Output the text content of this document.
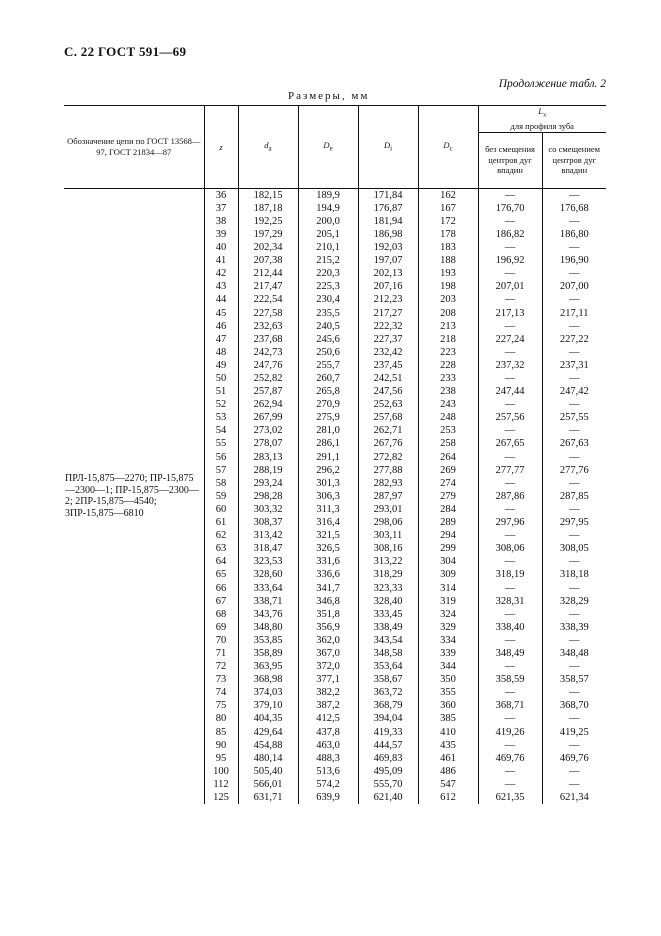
С. 22 ГОСТ 591—69
Продолжение табл. 2
Размеры, мм
Обозначение цепи по ГОСТ 13568—97, ГОСТ 21834—87	z	$d_a$	$D_e$	$D_i$	$D_c$	$L_x$
для профиля зуба	
						без смещения центров дуг впадин	со смещением центров дуг впадин
ПРЛ-15,875—2270; ПР-15,875—2300—1; ПР-15,875—2300—2; 2ПР-15,875—4540; 3ПР-15,875—6810	36	182,15	189,9	171,84	162	—	—
	37	187,18	194,9	176,87	167	176,70	176,68
	38	192,25	200,0	181,94	172	—	—
	39	197,29	205,1	186,98	178	186,82	186,80
	40	202,34	210,1	192,03	183	—	—
	41	207,38	215,2	197,07	188	196,92	196,90
	42	212,44	220,3	202,13	193	—	—
	43	217,47	225,3	207,16	198	207,01	207,00
	44	222,54	230,4	212,23	203	—	—
	45	227,58	235,5	217,27	208	217,13	217,11
	46	232,63	240,5	222,32	213	—	—
	47	237,68	245,6	227,37	218	227,24	227,22
	48	242,73	250,6	232,42	223	—	—
	49	247,76	255,7	237,45	228	237,32	237,31
	50	252,82	260,7	242,51	233	—	—
	51	257,87	265,8	247,56	238	247,44	247,42
	52	262,94	270,9	252,63	243	—	—
	53	267,99	275,9	257,68	248	257,56	257,55
	54	273,02	281,0	262,71	253	—	—
	55	278,07	286,1	267,76	258	267,65	267,63
	56	283,13	291,1	272,82	264	—	—
	57	288,19	296,2	277,88	269	277,77	277,76
	58	293,24	301,3	282,93	274	—	—
	59	298,28	306,3	287,97	279	287,86	287,85
	60	303,32	311,3	293,01	284	—	—
	61	308,37	316,4	298,06	289	297,96	297,95
	62	313,42	321,5	303,11	294	—	—
	63	318,47	326,5	308,16	299	308,06	308,05
	64	323,53	331,6	313,22	304	—	—
	65	328,60	336,6	318,29	309	318,19	318,18
	66	333,64	341,7	323,33	314	—	—
	67	338,71	346,8	328,40	319	328,31	328,29
	68	343,76	351,8	333,45	324	—	—
	69	348,80	356,9	338,49	329	338,40	338,39
	70	353,85	362,0	343,54	334	—	—
	71	358,89	367,0	348,58	339	348,49	348,48
	72	363,95	372,0	353,64	344	—	—
	73	368,98	377,1	358,67	350	358,59	358,57
	74	374,03	382,2	363,72	355	—	—
	75	379,10	387,2	368,79	360	368,71	368,70
	80	404,35	412,5	394,04	385	—	—
	85	429,64	437,8	419,33	410	419,26	419,25
	90	454,88	463,0	444,57	435	—	—
	95	480,14	488,3	469,83	461	469,76	469,76
	100	505,40	513,6	495,09	486	—	—
	112	566,01	574,2	555,70	547	—	—
	125	631,71	639,9	621,40	612	621,35	621,34
